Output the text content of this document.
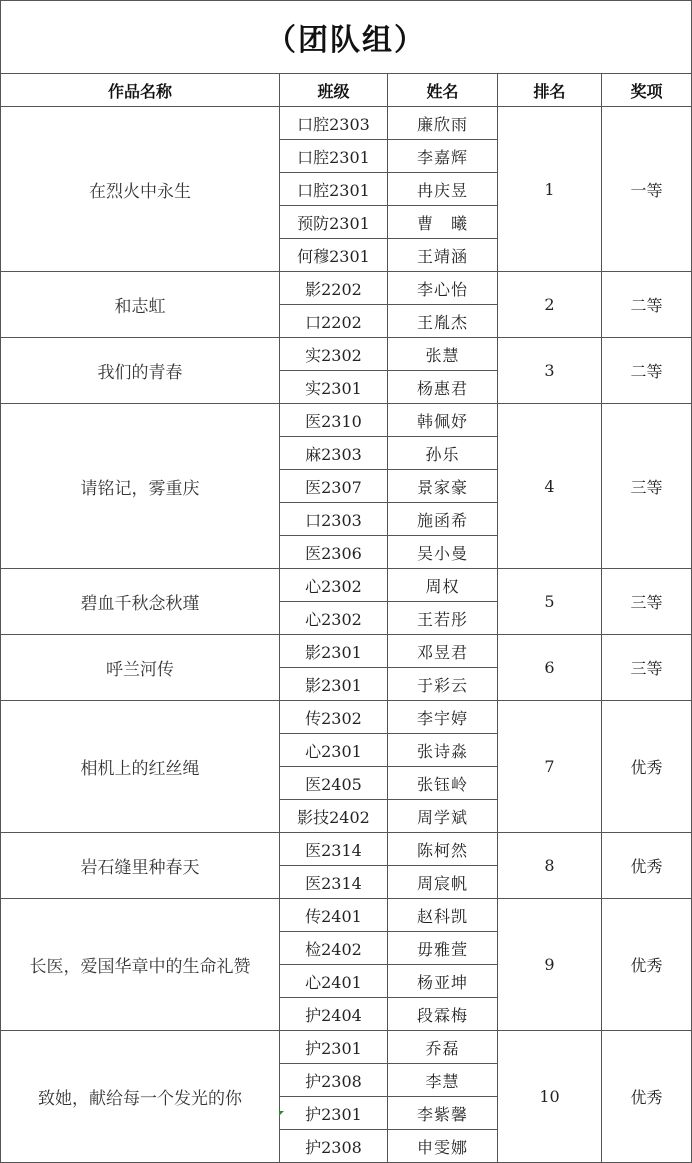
（团队组）				
作品名称	班级	姓名	排名	奖项
在烈火中永生	口腔2303	廉欣雨	1	一等
	口腔2301	李嘉辉		
	口腔2301	冉庆昱		
	预防2301	曹　曦		
	何穆2301	王靖涵		
和志虹	影2202	李心怡	2	二等
	口2202	王胤杰		
我们的青春	实2302	张慧	3	二等
	实2301	杨惠君		
请铭记，雾重庆	医2310	韩佩妤	4	三等
	麻2303	孙乐		
	医2307	景家豪		
	口2303	施函希		
	医2306	吴小曼		
碧血千秋念秋瑾	心2302	周权	5	三等
	心2302	王若彤		
呼兰河传	影2301	邓昱君	6	三等
	影2301	于彩云		
相机上的红丝绳	传2302	李宇婷	7	优秀
	心2301	张诗淼		
	医2405	张钰岭		
	影技2402	周学斌		
岩石缝里种春天	医2314	陈柯然	8	优秀
	医2314	周宸帆		
长医，爱国华章中的生命礼赞	传2401	赵科凯	9	优秀
	检2402	毋雅萱		
	心2401	杨亚坤		
	护2404	段霖梅		
致她，献给每一个发光的你	护2301	乔磊	10	优秀
	护2308	李慧		
	护2301	李紫馨		
	护2308	申雯娜		
